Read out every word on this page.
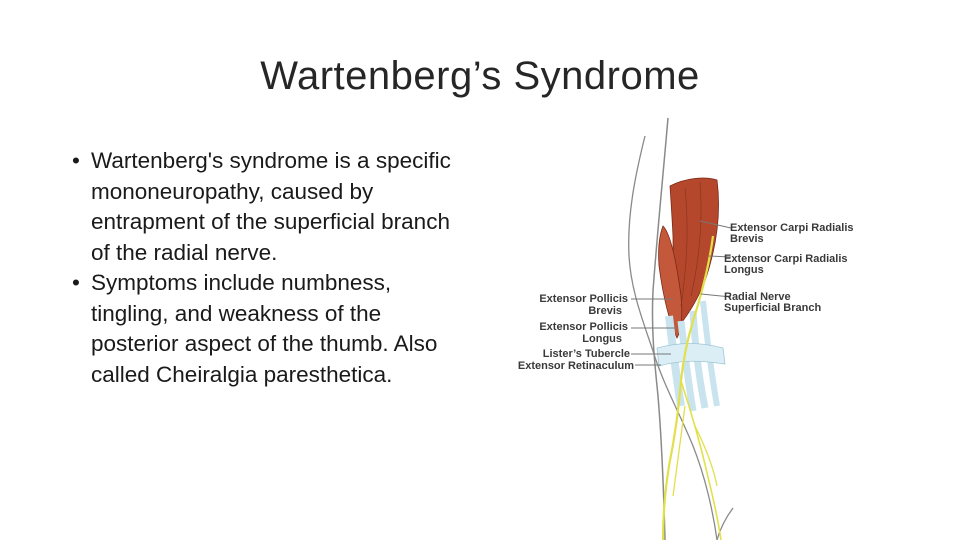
Wartenberg’s Syndrome
• Wartenberg's syndrome is a specific mononeuropathy, caused by entrapment of the superficial branch of the radial nerve.
• Symptoms include numbness, tingling, and weakness of the posterior aspect of the thumb. Also called Cheiralgia paresthetica.
Extensor Carpi Radialis
Brevis
Extensor Carpi Radialis
Longus
Radial Nerve
Superficial Branch
Extensor Pollicis
Brevis
Extensor Pollicis
Longus
Lister’s Tubercle
Extensor Retinaculum
